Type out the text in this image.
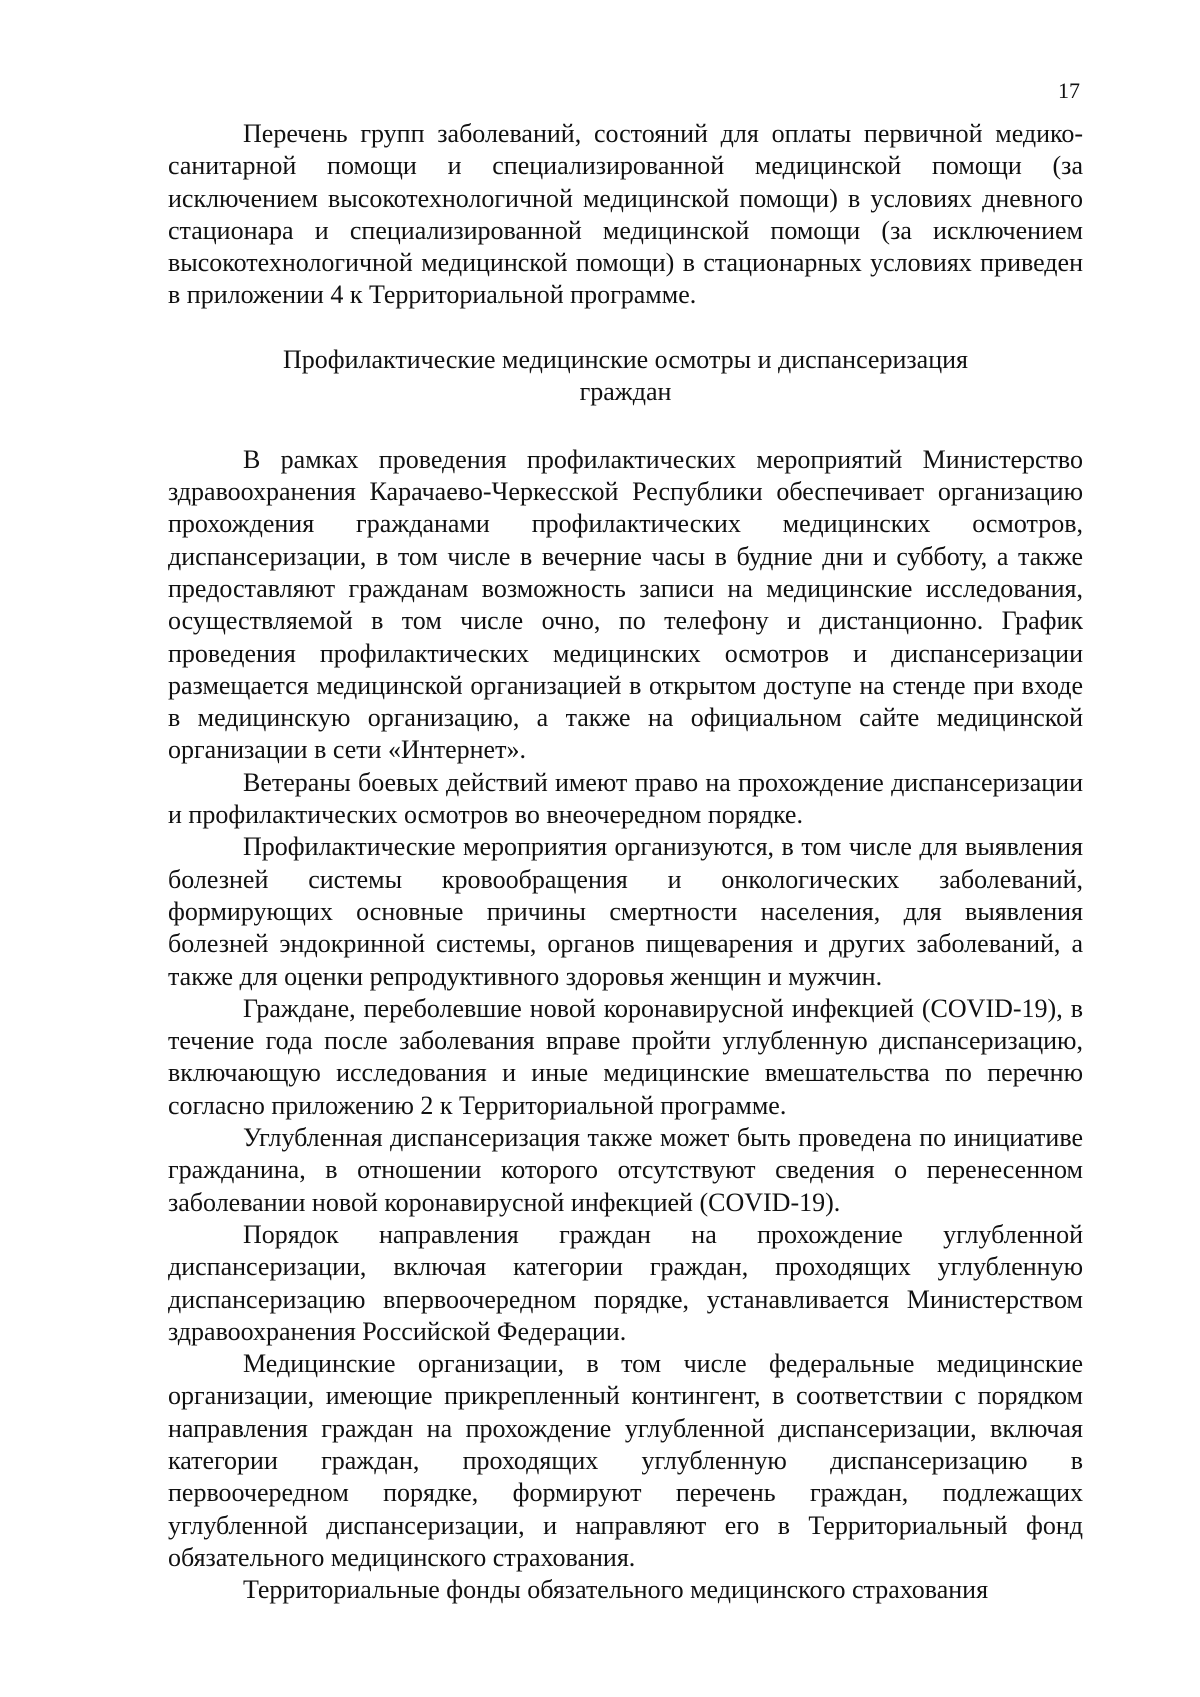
17

Перечень групп заболеваний, состояний для оплаты первичной медико-санитарной помощи и специализированной медицинской помощи (за исключением высокотехнологичной медицинской помощи) в условиях дневного стационара и специализированной медицинской помощи (за исключением высокотехнологичной медицинской помощи) в стационарных условиях приведен в приложении 4 к Территориальной программе.

Профилактические медицинские осмотры и диспансеризация

граждан

В рамках проведения профилактических мероприятий Министерство здравоохранения Карачаево-Черкесской Республики обеспечивает организацию прохождения гражданами профилактических медицинских осмотров, диспансеризации, в том числе в вечерние часы в будние дни и субботу, а также предоставляют гражданам возможность записи на медицинские исследования, осуществляемой в том числе очно, по телефону и дистанционно. График проведения профилактических медицинских осмотров и диспансеризации размещается медицинской организацией в открытом доступе на стенде при входе в медицинскую организацию, а также на официальном сайте медицинской организации в сети «Интернет».

Ветераны боевых действий имеют право на прохождение диспансеризации и профилактических осмотров во внеочередном порядке.

Профилактические мероприятия организуются, в том числе для выявления болезней системы кровообращения и онкологических заболеваний, формирующих основные причины смертности населения, для выявления болезней эндокринной системы, органов пищеварения и других заболеваний, а также для оценки репродуктивного здоровья женщин и мужчин.

Граждане, переболевшие новой коронавирусной инфекцией (COVID-19), в течение года после заболевания вправе пройти углубленную диспансеризацию, включающую исследования и иные медицинские вмешательства по перечню согласно приложению 2 к Территориальной программе.

Углубленная диспансеризация также может быть проведена по инициативе гражданина, в отношении которого отсутствуют сведения о перенесенном заболевании новой коронавирусной инфекцией (COVID-19).

Порядок направления граждан на прохождение углубленной диспансеризации, включая категории граждан, проходящих углубленную диспансеризацию впервоочередном порядке, устанавливается Министерством здравоохранения Российской Федерации.

Медицинские организации, в том числе федеральные медицинские организации, имеющие прикрепленный контингент, в соответствии с порядком направления граждан на прохождение углубленной диспансеризации, включая категории граждан, проходящих углубленную диспансеризацию в первоочередном порядке, формируют перечень граждан, подлежащих углубленной диспансеризации, и направляют его в Территориальный фонд обязательного медицинского страхования.

Территориальные фонды обязательного медицинского страхования
